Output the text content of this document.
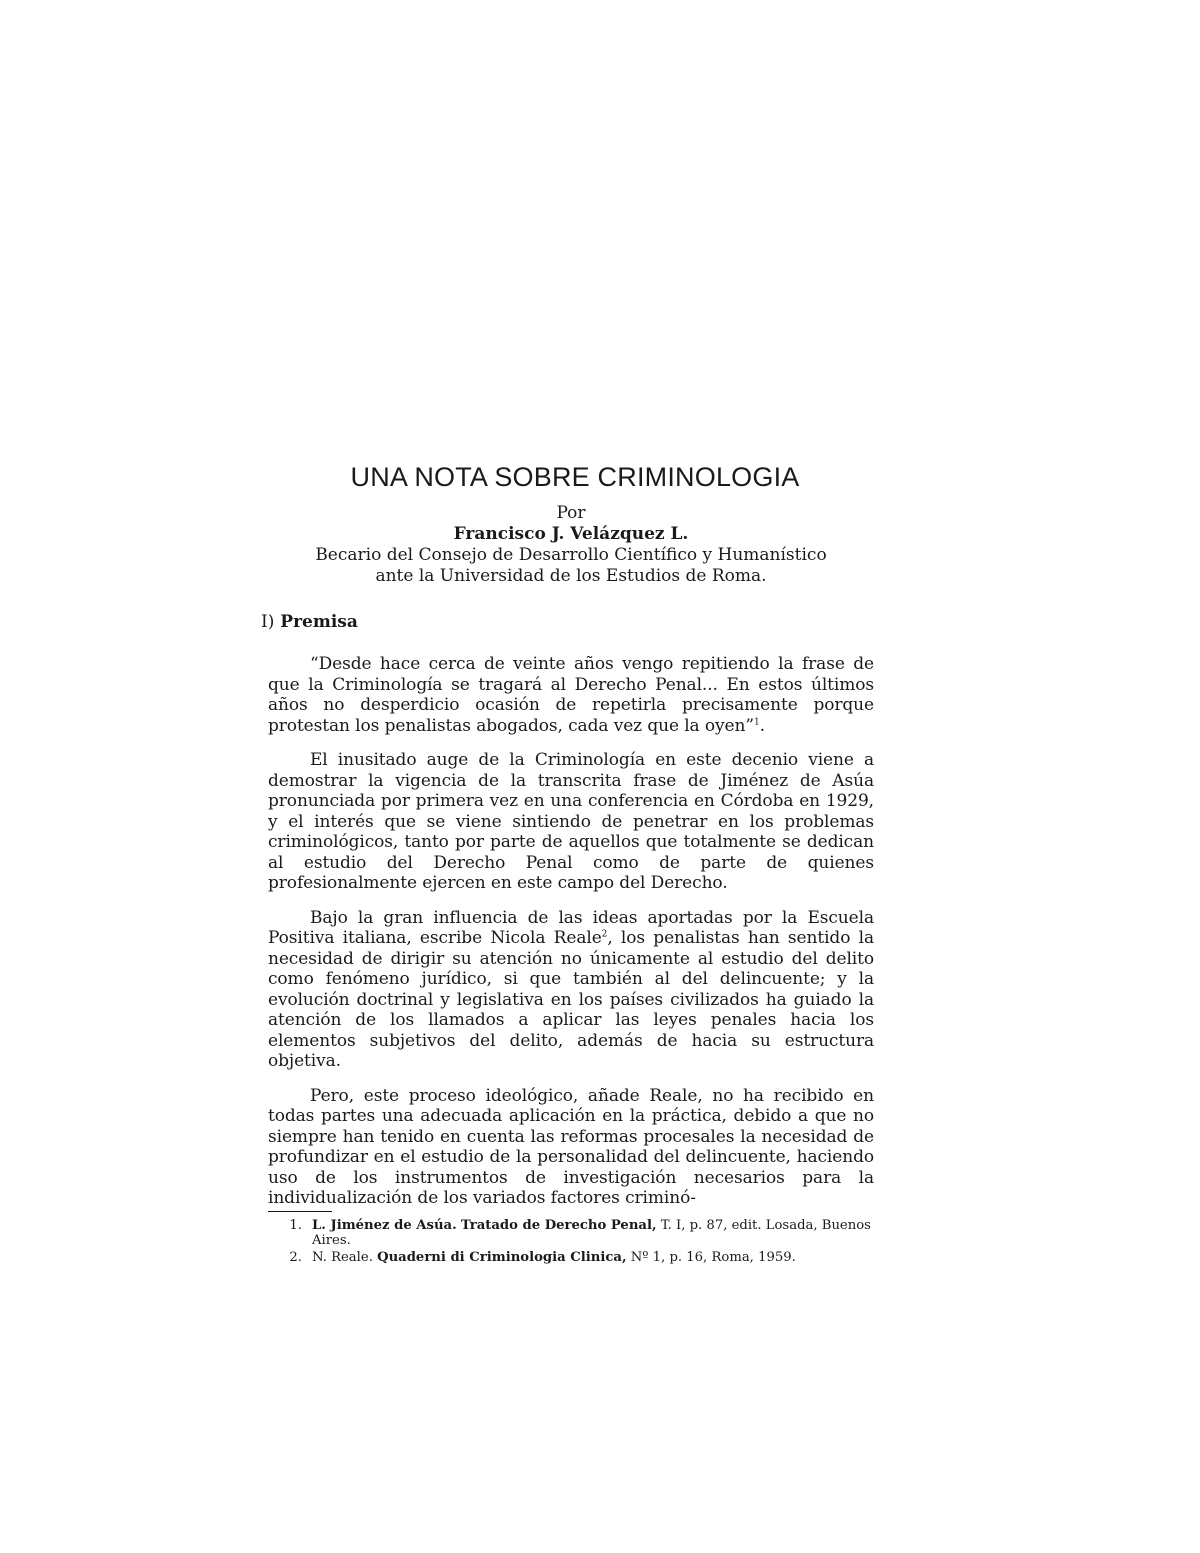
UNA NOTA SOBRE CRIMINOLOGIA
Por
Francisco J. Velázquez L.
Becario del Consejo de Desarrollo Científico y Humanístico
ante la Universidad de los Estudios de Roma.
I) Premisa

“Desde hace cerca de veinte años vengo repitiendo la frase de que la Criminología se tragará al Derecho Penal... En estos últimos años no desperdicio ocasión de repetirla precisamente porque protestan los penalistas abogados, cada vez que la oyen”$^1$.

El inusitado auge de la Criminología en este decenio viene a demostrar la vigencia de la transcrita frase de Jiménez de Asúa pronunciada por primera vez en una conferencia en Córdoba en 1929, y el interés que se viene sintiendo de penetrar en los problemas criminológicos, tanto por parte de aquellos que totalmente se dedican al estudio del Derecho Penal como de parte de quienes profesionalmente ejercen en este campo del Derecho.

Bajo la gran influencia de las ideas aportadas por la Escuela Positiva italiana, escribe Nicola Reale$^2$, los penalistas han sentido la necesidad de dirigir su atención no únicamente al estudio del delito como fenómeno jurídico, si que también al del delincuente; y la evolución doctrinal y legislativa en los países civilizados ha guiado la atención de los llamados a aplicar las leyes penales hacia los elementos subjetivos del delito, además de hacia su estructura objetiva.

Pero, este proceso ideológico, añade Reale, no ha recibido en todas partes una adecuada aplicación en la práctica, debido a que no siempre han tenido en cuenta las reformas procesales la necesidad de profundizar en el estudio de la personalidad del delincuente, haciendo uso de los instrumentos de investigación necesarios para la individualización de los variados factores criminó-

1. L. Jiménez de Asúa. Tratado de Derecho Penal, T. I, p. 87, edit. Losada, Buenos Aires.
2. N. Reale. Quaderni di Criminologia Clinica, Nº 1, p. 16, Roma, 1959.
